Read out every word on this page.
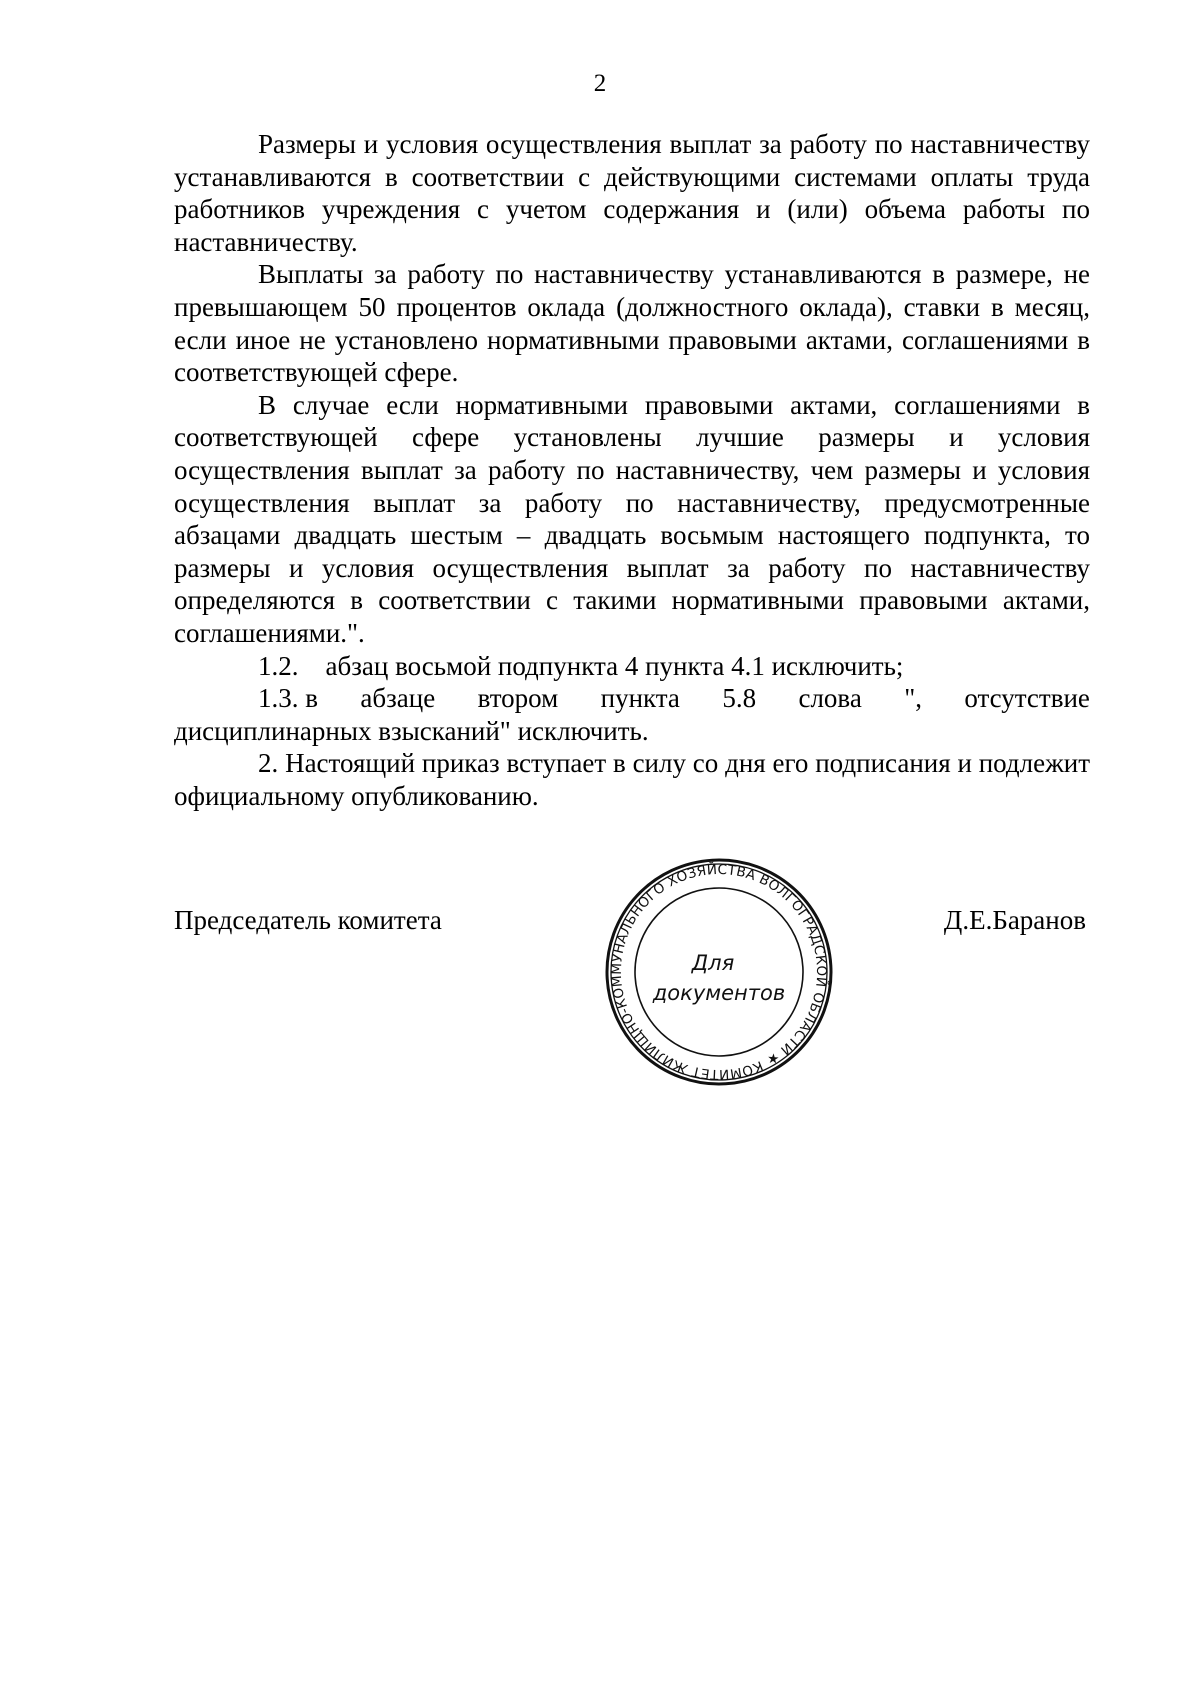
2

Размеры и условия осуществления выплат за работу по наставничеству устанавливаются в соответствии с действующими системами оплаты труда работников учреждения с учетом содержания и (или) объема работы по наставничеству.

Выплаты за работу по наставничеству устанавливаются в размере, не превышающем 50 процентов оклада (должностного оклада), ставки в месяц, если иное не установлено нормативными правовыми актами, соглашениями в соответствующей сфере.

В случае если нормативными правовыми актами, соглашениями в соответствующей сфере установлены лучшие размеры и условия осуществления выплат за работу по наставничеству, чем размеры и условия осуществления выплат за работу по наставничеству, предусмотренные абзацами двадцать шестым – двадцать восьмым настоящего подпункта, то размеры и условия осуществления выплат за работу по наставничеству определяются в соответствии с такими нормативными правовыми актами, соглашениями.".

1.2.    абзац восьмой подпункта 4 пункта 4.1 исключить;

1.3. в абзаце втором пункта 5.8 слова ", отсутствие

дисциплинарных взысканий" исключить.

2. Настоящий приказ вступает в силу со дня его подписания и подлежит официальному опубликованию.

Председатель комитета	Д.Е.Баранов
КОМИТЕТ ЖИЛИЩНО-КОММУНАЛЬНОГО ХОЗЯЙСТВА ВОЛГОГРАДСКОЙ ОБЛАСТИ ★
Для
документов
